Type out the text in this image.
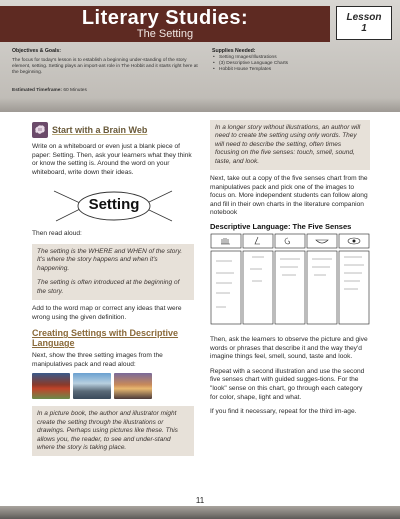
Literary Studies:
The Setting
Lesson
1
Objectives & Goals:
The focus for today's lesson is to establish a beginning under-standing of the story element, setting. Setting plays an import-ant role in The Hobbit and it starts right here at the beginning.
Estimated Timeframe: 60 Minutes
Supplies Needed:
• Setting Images/Illustrations
• (3) Descriptive Language Charts
• Hobbit House Templates
Start with a Brain Web

Write on a whiteboard or even just a blank piece of paper: Setting. Then, ask your learners what they think or know the setting is. Around the word on your whiteboard, write down their ideas.

Setting

Then read aloud:

The setting is the WHERE and WHEN of the story. It's where the story happens and when it's happening.

The setting is often introduced at the beginning of the story.

Add to the word map or correct any ideas that were wrong using the given definition.

Creating Settings with Descriptive Language

Next, show the three setting images from the manipulatives pack and read aloud:

In a picture book, the author and illustrator might create the setting through the illustrations or drawings. Perhaps using pictures like these. This allows you, the reader, to see and under-stand where the story is taking place.
In a longer story without illustrations, an author will need to create the setting using only words. They will need to describe the setting, often times focusing on the five senses: touch, smell, sound, taste, and look.

Next, take out a copy of the five senses chart from the manipulatives pack and pick one of the images to focus on. More independent students can follow along and fill in their own charts in the literature companion notebook

Descriptive Language: The Five Senses

Then, ask the learners to observe the picture and give words or phrases that describe it and the way they'd imagine things feel, smell, sound, taste and look.

Repeat with a second illustration and use the second five senses chart with guided sugges-tions. For the "look" sense on this chart, go through each category for color, shape, light and what.

If you find it necessary, repeat for the third im-age.

11
